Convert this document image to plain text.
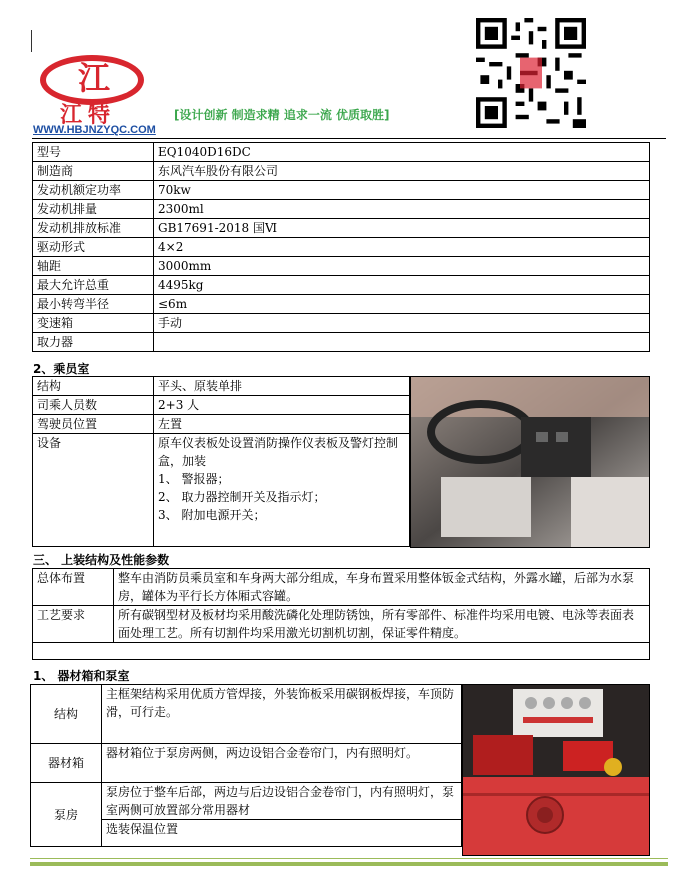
江
江特
WWW.HBJNZYQC.COM
[设计创新 制造求精 追求一流 优质取胜]
型号	EQ1040D16DC
制造商	东风汽车股份有限公司
发动机额定功率	70kw
发动机排量	2300ml
发动机排放标准	GB17691-2018 国Ⅵ
驱动形式	4×2
轴距	3000mm
最大允许总重	4495kg
最小转弯半径	≤6m
变速箱	手动
取力器	
2、乘员室
结构	平头、原装单排
司乘人员数	2+3 人
驾驶员位置	左置
设备	原车仪表板处设置消防操作仪表板及警灯控制盒，加装
1、 警报器；
2、 取力器控制开关及指示灯；
3、 附加电源开关；
三、 上装结构及性能参数
总体布置	整车由消防员乘员室和车身两大部分组成，车身布置采用整体钣金式结构，外露水罐，后部为水泵房，罐体为平行长方体厢式容罐。
工艺要求	所有碳钢型材及板材均采用酸洗磷化处理防锈蚀，所有零部件、标准件均采用电镀、电泳等表面表面处理工艺。所有切割件均采用激光切割机切割，保证零件精度。

1、 器材箱和泵室
结构	主框架结构采用优质方管焊接，外装饰板采用碳钢板焊接，车顶防滑，可行走。
器材箱	器材箱位于泵房两侧，两边设铝合金卷帘门，内有照明灯。
泵房	泵房位于整车后部，两边与后边设铝合金卷帘门，内有照明灯，泵室两侧可放置部分常用器材
	选装保温位置
